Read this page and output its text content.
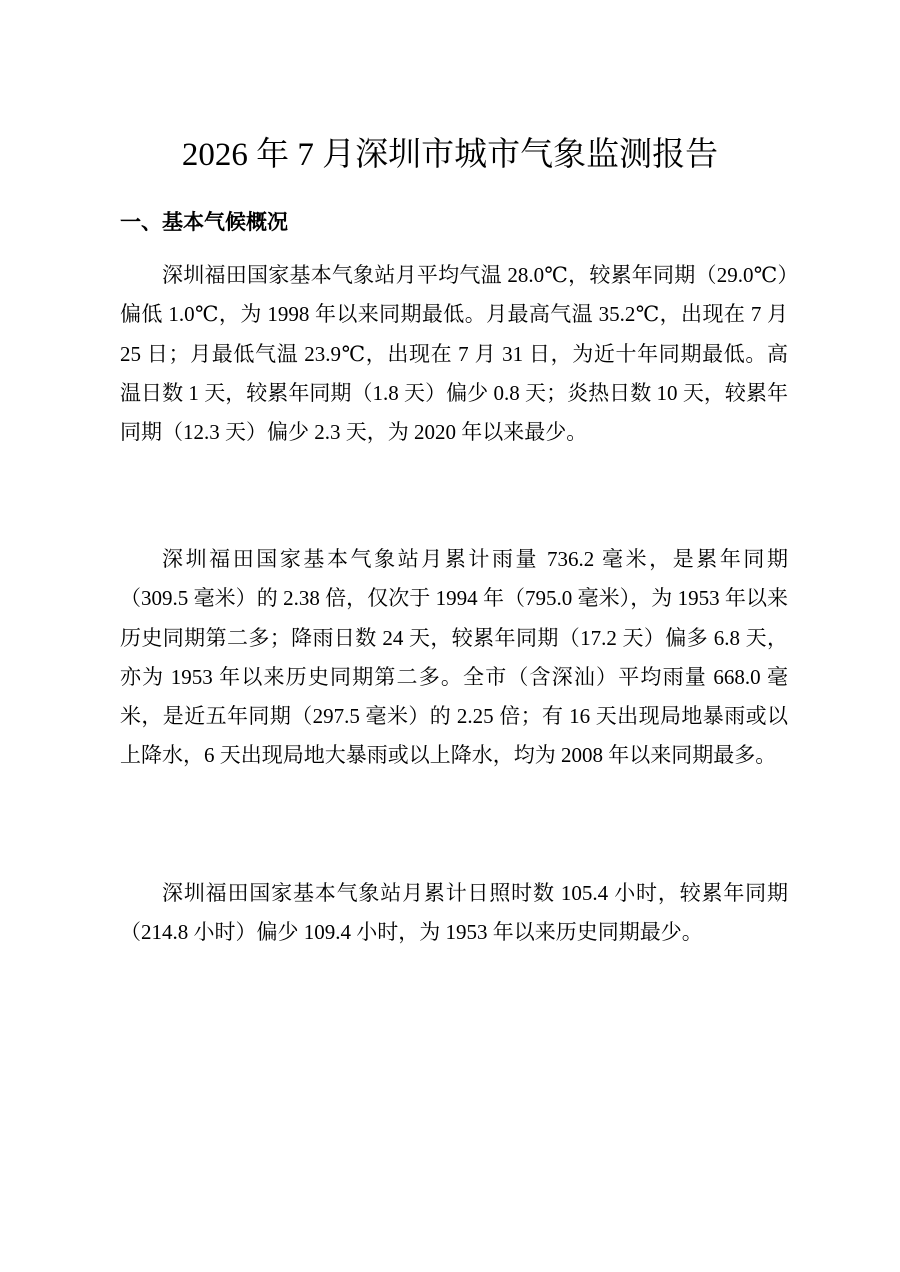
2026 年 7 月深圳市城市气象监测报告
一、基本气候概况

深圳福田国家基本气象站月平均气温 28.0℃，较累年同期（29.0℃）偏低 1.0℃，为 1998 年以来同期最低。月最高气温 35.2℃，出现在 7 月 25 日；月最低气温 23.9℃，出现在 7 月 31 日，为近十年同期最低。高温日数 1 天，较累年同期（1.8 天）偏少 0.8 天；炎热日数 10 天，较累年同期（12.3 天）偏少 2.3 天，为 2020 年以来最少。

深圳福田国家基本气象站月累计雨量 736.2 毫米，是累年同期（309.5 毫米）的 2.38 倍，仅次于 1994 年（795.0 毫米），为 1953 年以来历史同期第二多；降雨日数 24 天，较累年同期（17.2 天）偏多 6.8 天，亦为 1953 年以来历史同期第二多。全市（含深汕）平均雨量 668.0 毫米，是近五年同期（297.5 毫米）的 2.25 倍；有 16 天出现局地暴雨或以上降水，6 天出现局地大暴雨或以上降水，均为 2008 年以来同期最多。

深圳福田国家基本气象站月累计日照时数 105.4 小时，较累年同期（214.8 小时）偏少 109.4 小时，为 1953 年以来历史同期最少。
